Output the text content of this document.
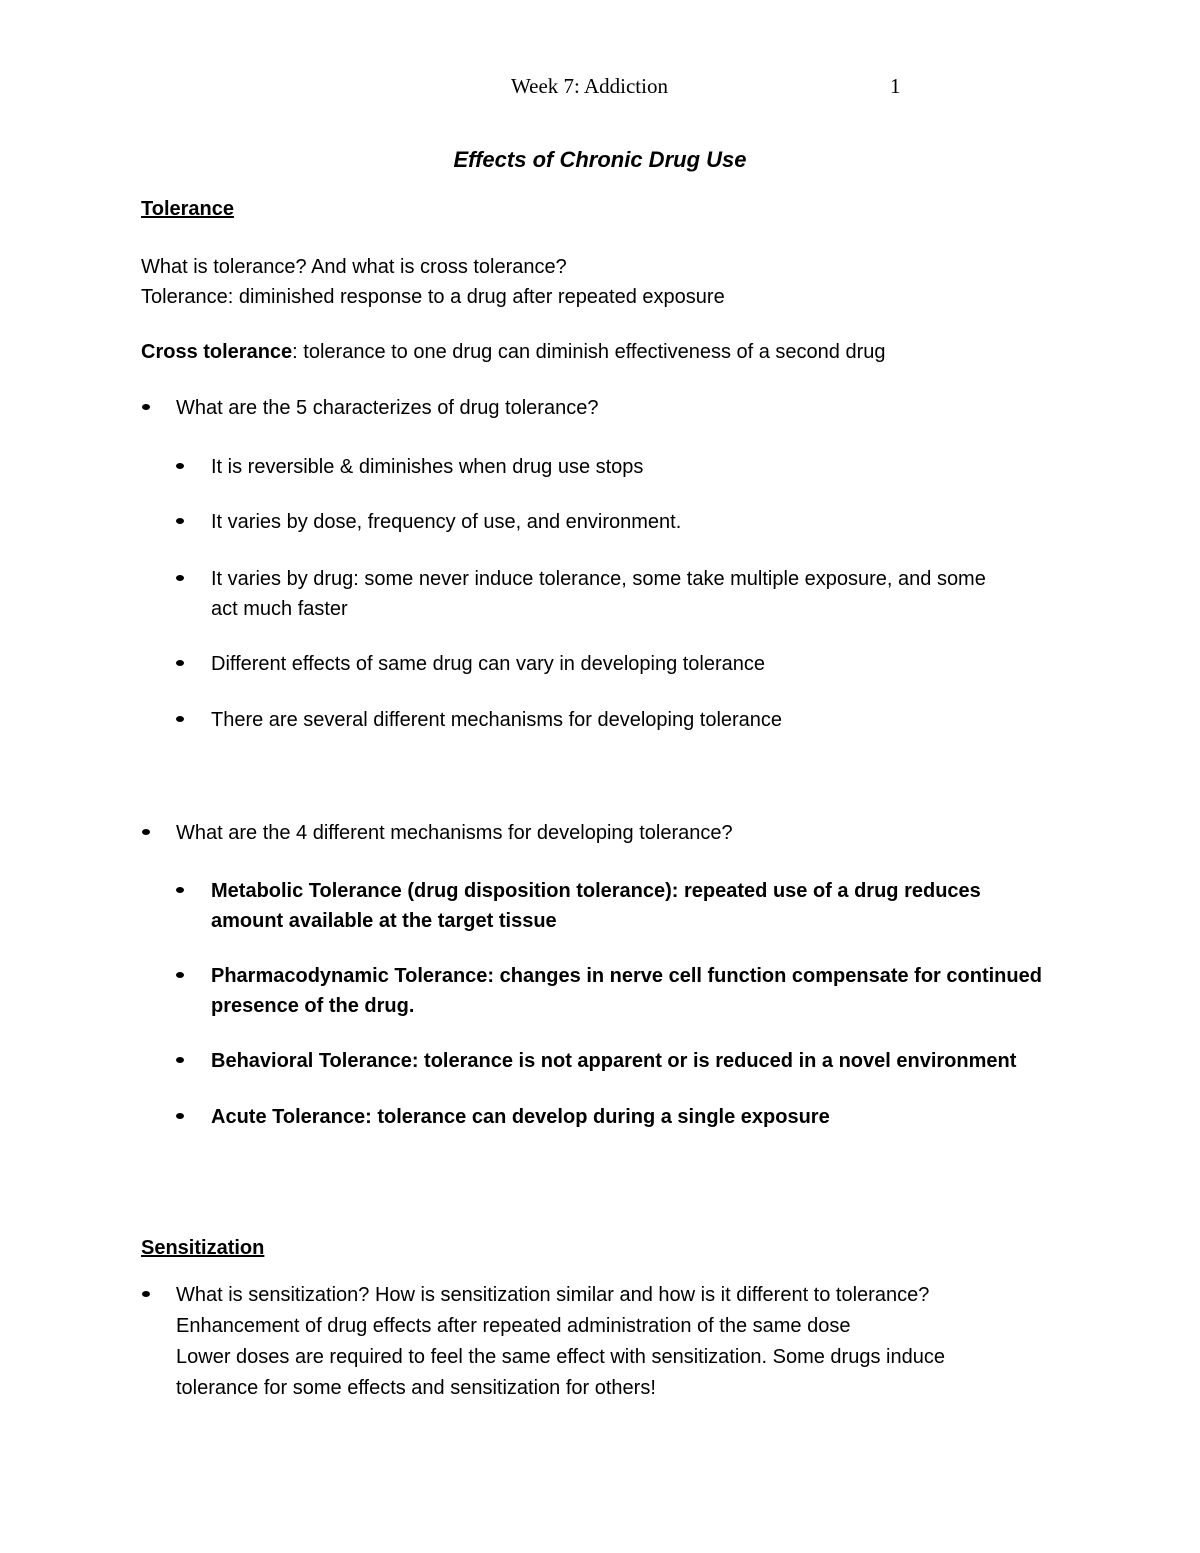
Week 7: Addiction	1
Effects of Chronic Drug Use
Tolerance
What is tolerance? And what is cross tolerance?
Tolerance: diminished response to a drug after repeated exposure
Cross tolerance: tolerance to one drug can diminish effectiveness of a second drug
What are the 5 characterizes of drug tolerance?
It is reversible & diminishes when drug use stops
It varies by dose, frequency of use, and environment.
It varies by drug: some never induce tolerance, some take multiple exposure, and some
act much faster
Different effects of same drug can vary in developing tolerance
There are several different mechanisms for developing tolerance
What are the 4 different mechanisms for developing tolerance?
Metabolic Tolerance (drug disposition tolerance): repeated use of a drug reduces
amount available at the target tissue
Pharmacodynamic Tolerance: changes in nerve cell function compensate for continued
presence of the drug.
Behavioral Tolerance: tolerance is not apparent or is reduced in a novel environment
Acute Tolerance: tolerance can develop during a single exposure
Sensitization
What is sensitization? How is sensitization similar and how is it different to tolerance?
Enhancement of drug effects after repeated administration of the same dose
Lower doses are required to feel the same effect with sensitization. Some drugs induce
tolerance for some effects and sensitization for others!
